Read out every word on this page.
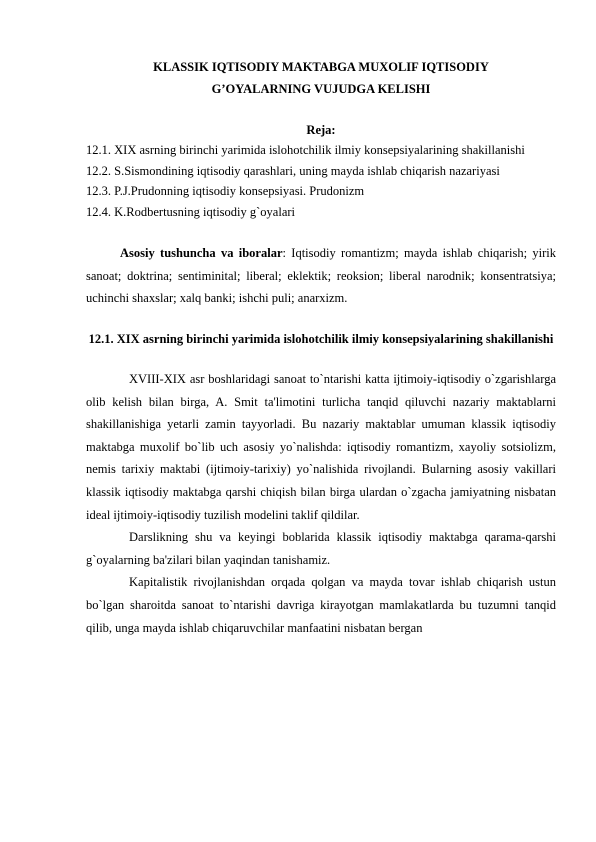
KLASSIK IQTISODIY MAKTABGA MUXOLIF IQTISODIY
G’OYALARNING VUJUDGA KELISHI
Reja:
12.1. XIX asrning birinchi yarimida islohotchilik ilmiy konsepsiyalarining shakillanishi
12.2. S.Sismondining iqtisodiy qarashlari, uning mayda ishlab chiqarish nazariyasi
12.3. P.J.Prudonning iqtisodiy konsepsiyasi. Prudonizm
12.4. K.Rodbertusning iqtisodiy g`oyalari

Asosiy tushuncha va iboralar: Iqtisodiy romantizm; mayda ishlab chiqarish; yirik sanoat; doktrina; sentiminital; liberal; eklektik; reoksion; liberal narodnik; konsentratsiya; uchinchi shaxslar; xalq banki; ishchi puli; anarxizm.

12.1. XIX asrning birinchi yarimida islohotchilik ilmiy konsepsiyalarining shakillanishi

XVIII-XIX asr boshlaridagi sanoat to`ntarishi katta ijtimoiy-iqtisodiy o`zgarishlarga olib kelish bilan birga, A. Smit ta'limotini turlicha tanqid qiluvchi nazariy maktablarni shakillanishiga yetarli zamin tayyorladi. Bu nazariy maktablar umuman klassik iqtisodiy maktabga muxolif bo`lib uch asosiy yo`nalishda: iqtisodiy romantizm, xayoliy sotsiolizm, nemis tarixiy maktabi (ijtimoiy-tarixiy) yo`nalishida rivojlandi. Bularning asosiy vakillari klassik iqtisodiy maktabga qarshi chiqish bilan birga ulardan o`zgacha jamiyatning nisbatan ideal ijtimoiy-iqtisodiy tuzilish modelini taklif qildilar.

Darslikning shu va keyingi boblarida klassik iqtisodiy maktabga qarama-qarshi g`oyalarning ba'zilari bilan yaqindan tanishamiz.

Kapitalistik rivojlanishdan orqada qolgan va mayda tovar ishlab chiqarish ustun bo`lgan sharoitda sanoat to`ntarishi davriga kirayotgan mamlakatlarda bu tuzumni tanqid qilib, unga mayda ishlab chiqaruvchilar manfaatini nisbatan bergan
